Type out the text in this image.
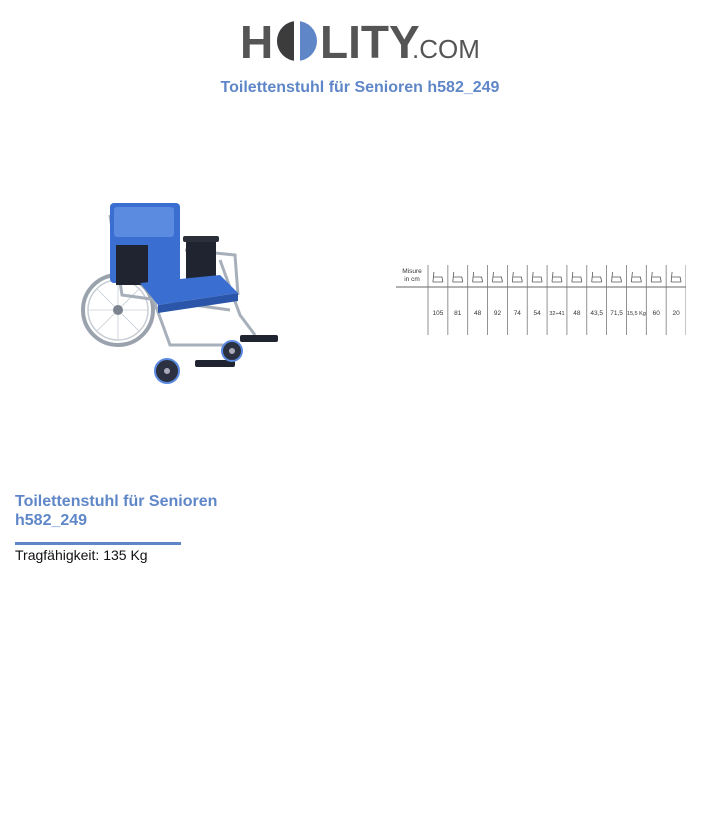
H LITY
.COM
Toilettenstuhl für Senioren h582_249
Misure
in cm
105 81 48 92 74 54 32÷41 48 43,5 71,5 15,5 Kg 60 20
Toilettenstuhl für Senioren
h582_249
Tragfähigkeit: 135 Kg
